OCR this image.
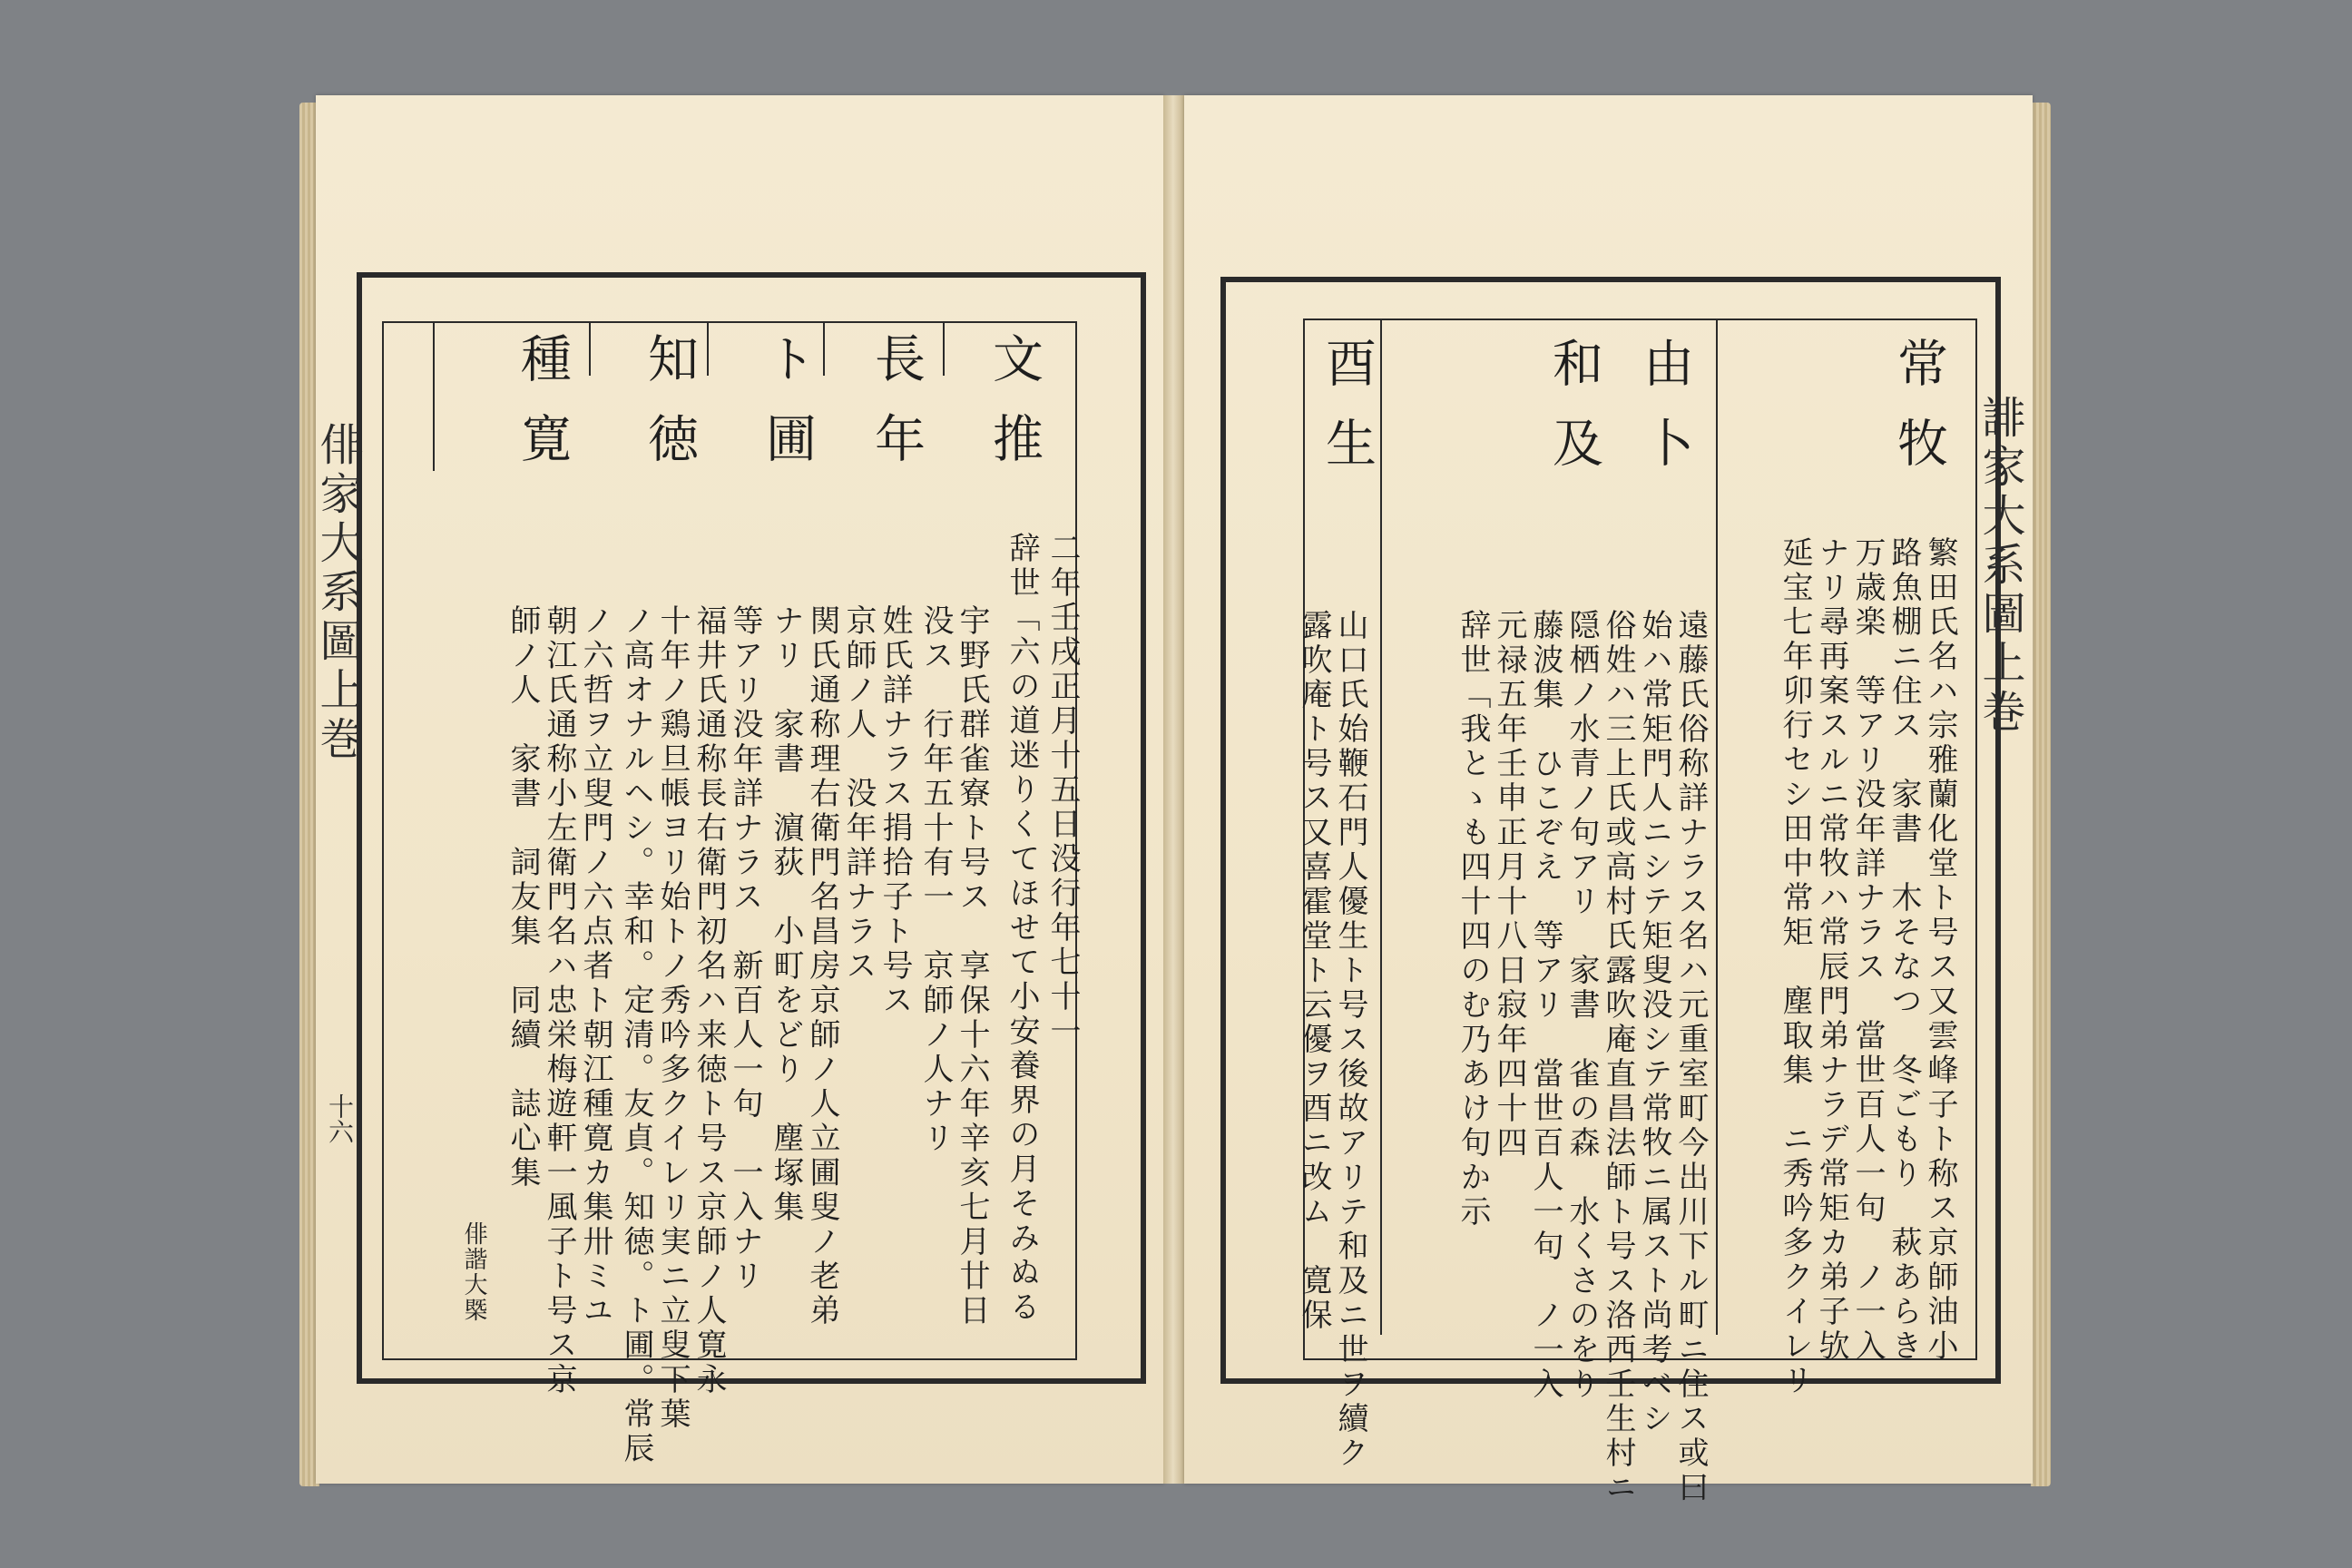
俳家大系圖上巻
十六
文推
長年
ト圃
知徳
種寛
二年壬戌正月十五日没行年七十一
辞世「六の道迷りくてほせて小安養界の月そみぬる
宇野氏群雀寮ト号ス　享保十六年辛亥七月廿日
没ス　行年五十有一　京師ノ人ナリ
姓氏詳ナラス捐拾子ト号ス
京師ノ人　没年詳ナラス
関氏通称理右衛門名昌房京師ノ人立圃叟ノ老弟
ナリ　家書　濵荻　小町をどり　塵塚集
等アリ没年詳ナラス　新百人一句　一入ナリ
福井氏通称長右衛門初名ハ来徳ト号ス京師ノ人寛永
十年ノ鶏旦帳ヨリ始トノ秀吟多クイレリ実ニ立叟下葉
ノ高オナルヘシ。幸和。定清。友貞。知徳。ト圃。常辰
ノ六哲ヲ立叟門ノ六点者ト朝江種寛カ集卅ミユ
朝江氏通称小左衛門名ハ忠栄梅遊軒一風子ト号ス京
師ノ人　家書　詞友集　同續　誌心集
俳諧大槩
誹家大系圖上巻
常牧
由卜
和及
酉生
繁田氏名ハ宗雅蘭化堂ト号ス又雲峰子ト称ス京師油小
路魚棚ニ住ス　家書　木そなつ　冬ごもり　萩あらき
万歳楽　等アリ没年詳ナラス　當世百人一句　ノ一入
ナリ尋再案スルニ常牧ハ常辰門弟ナラデ常矩カ弟子欤
延宝七年卯行セシ田中常矩　塵取集　ニ秀吟多クイレリ
遠藤氏俗称詳ナラス名ハ元重室町今出川下ル町ニ住ス或曰
始ハ常矩門人ニシテ矩叟没シテ常牧ニ属スト尚考ベシ
俗姓ハ三上氏或高村氏露吹庵直昌法師ト号ス洛西壬生村ニ
隠栖ノ水青ノ句アリ　家書　雀の森　水くさのをり
藤波集　ひこぞえ　等アリ　當世百人一句　ノ一入
元禄五年壬申正月十八日寂年四十四
辞世「我とゝも四十四のむ乃あけ句か示
山口氏始鞭石門人優生ト号ス後故アリテ和及ニ世ヲ續ク
露吹庵ト号ス又喜霍堂ト云優ヲ酉ニ改ム　寛保
